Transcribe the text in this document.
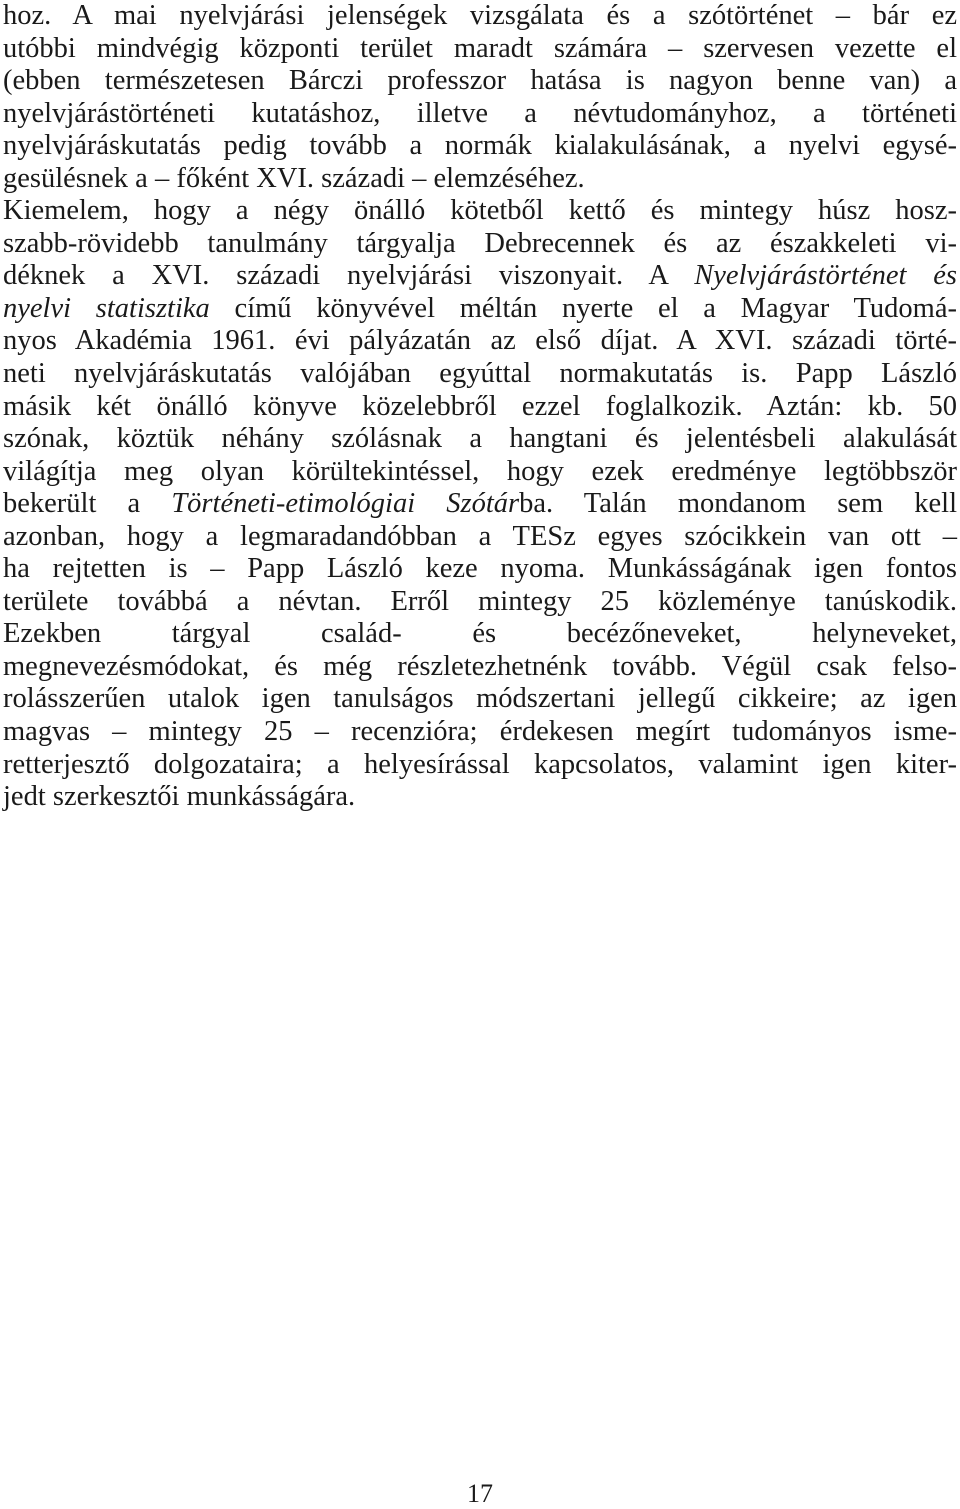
hoz. A mai nyelvjárási jelenségek vizsgálata és a szótörténet – bár ez
utóbbi mindvégig központi terület maradt számára – szervesen vezette el
(ebben természetesen Bárczi professzor hatása is nagyon benne van) a
nyelvjárástörténeti kutatáshoz, illetve a névtudományhoz, a történeti
nyelvjáráskutatás pedig tovább a normák kialakulásának, a nyelvi egysé-
gesülésnek a – főként XVI. századi – elemzéséhez.
Kiemelem, hogy a négy önálló kötetből kettő és mintegy húsz hosz-
szabb-rövidebb tanulmány tárgyalja Debrecennek és az északkeleti vi-
déknek a XVI. századi nyelvjárási viszonyait. A Nyelvjárástörténet és
nyelvi statisztika című könyvével méltán nyerte el a Magyar Tudomá-
nyos Akadémia 1961. évi pályázatán az első díjat. A XVI. századi törté-
neti nyelvjáráskutatás valójában egyúttal normakutatás is. Papp László
másik két önálló könyve közelebbről ezzel foglalkozik. Aztán: kb. 50
szónak, köztük néhány szólásnak a hangtani és jelentésbeli alakulását
világítja meg olyan körültekintéssel, hogy ezek eredménye legtöbbször
bekerült a Történeti-etimológiai Szótárba. Talán mondanom sem kell
azonban, hogy a legmaradandóbban a TESz egyes szócikkein van ott –
ha rejtetten is – Papp László keze nyoma. Munkásságának igen fontos
területe továbbá a névtan. Erről mintegy 25 közleménye tanúskodik.
Ezekben tárgyal család- és becézőneveket, helyneveket,
megnevezésmódokat, és még részletezhetnénk tovább. Végül csak felso-
rolásszerűen utalok igen tanulságos módszertani jellegű cikkeire; az igen
magvas – mintegy 25 – recenzióra; érdekesen megírt tudományos isme-
retterjesztő dolgozataira; a helyesírással kapcsolatos, valamint igen kiter-
jedt szerkesztői munkásságára.
17
